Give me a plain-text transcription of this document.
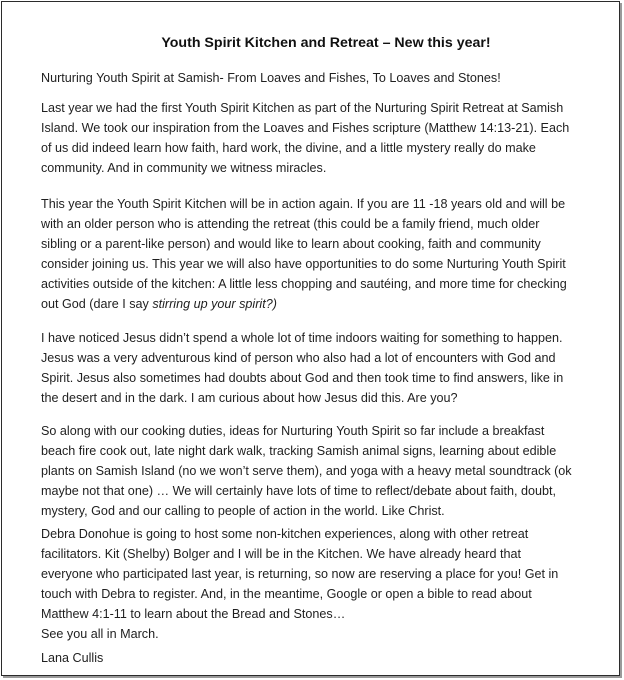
Youth Spirit Kitchen and Retreat – New this year!

Nurturing Youth Spirit at Samish- From Loaves and Fishes, To Loaves and Stones!

Last year we had the first Youth Spirit Kitchen as part of the Nurturing Spirit Retreat at Samish
Island. We took our inspiration from the Loaves and Fishes scripture (Matthew 14:13-21). Each
of us did indeed learn how faith, hard work, the divine, and a little mystery really do make
community. And in community we witness miracles.

This year the Youth Spirit Kitchen will be in action again. If you are 11 -18 years old and will be
with an older person who is attending the retreat (this could be a family friend, much older
sibling or a parent-like person) and would like to learn about cooking, faith and community
consider joining us. This year we will also have opportunities to do some Nurturing Youth Spirit
activities outside of the kitchen: A little less chopping and sautéing, and more time for checking
out God (dare I say stirring up your spirit?)

I have noticed Jesus didn’t spend a whole lot of time indoors waiting for something to happen.
Jesus was a very adventurous kind of person who also had a lot of encounters with God and
Spirit. Jesus also sometimes had doubts about God and then took time to find answers, like in
the desert and in the dark. I am curious about how Jesus did this. Are you?

So along with our cooking duties, ideas for Nurturing Youth Spirit so far include a breakfast
beach fire cook out, late night dark walk, tracking Samish animal signs, learning about edible
plants on Samish Island (no we won’t serve them), and yoga with a heavy metal soundtrack (ok
maybe not that one) … We will certainly have lots of time to reflect/debate about faith, doubt,
mystery, God and our calling to people of action in the world. Like Christ.

Debra Donohue is going to host some non-kitchen experiences, along with other retreat
facilitators. Kit (Shelby) Bolger and I will be in the Kitchen. We have already heard that
everyone who participated last year, is returning, so now are reserving a place for you! Get in
touch with Debra to register. And, in the meantime, Google or open a bible to read about
Matthew 4:1-11 to learn about the Bread and Stones…
See you all in March.

Lana Cullis
